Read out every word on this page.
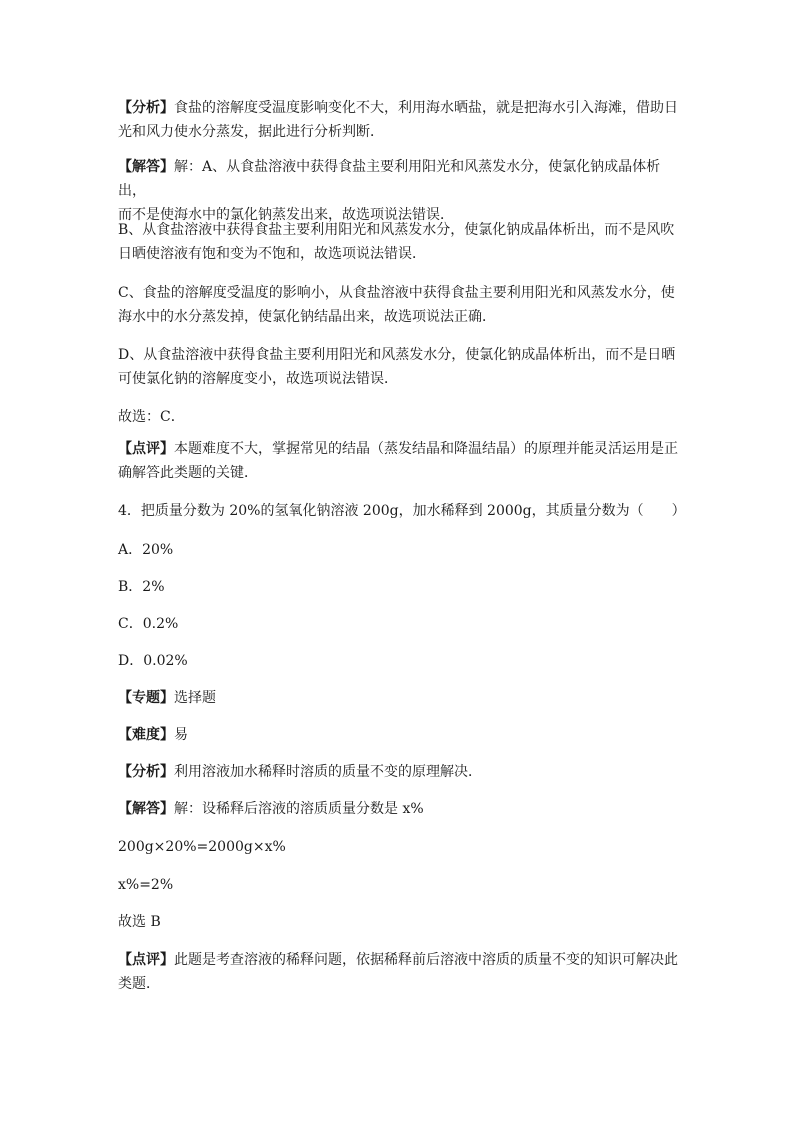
【分析】食盐的溶解度受温度影响变化不大，利用海水晒盐，就是把海水引入海滩，借助日
光和风力使水分蒸发，据此进行分析判断．

【解答】解：A、从食盐溶液中获得食盐主要利用阳光和风蒸发水分，使氯化钠成晶体析出，
而不是使海水中的氯化钠蒸发出来，故选项说法错误．

B、从食盐溶液中获得食盐主要利用阳光和风蒸发水分，使氯化钠成晶体析出，而不是风吹
日晒使溶液有饱和变为不饱和，故选项说法错误．

C、食盐的溶解度受温度的影响小，从食盐溶液中获得食盐主要利用阳光和风蒸发水分，使
海水中的水分蒸发掉，使氯化钠结晶出来，故选项说法正确．

D、从食盐溶液中获得食盐主要利用阳光和风蒸发水分，使氯化钠成晶体析出，而不是日晒
可使氯化钠的溶解度变小，故选项说法错误．

故选：C．

【点评】本题难度不大，掌握常见的结晶（蒸发结晶和降温结晶）的原理并能灵活运用是正
确解答此类题的关键．

4．把质量分数为 20%的氢氧化钠溶液 200g，加水稀释到 2000g，其质量分数为（　　）

A．20%

B．2%

C．0.2%

D．0.02%

【专题】选择题

【难度】易

【分析】利用溶液加水稀释时溶质的质量不变的原理解决．

【解答】解：设稀释后溶液的溶质质量分数是 x%

200g×20%=2000g×x%

x%=2%

故选 B

【点评】此题是考查溶液的稀释问题，依据稀释前后溶液中溶质的质量不变的知识可解决此
类题．
